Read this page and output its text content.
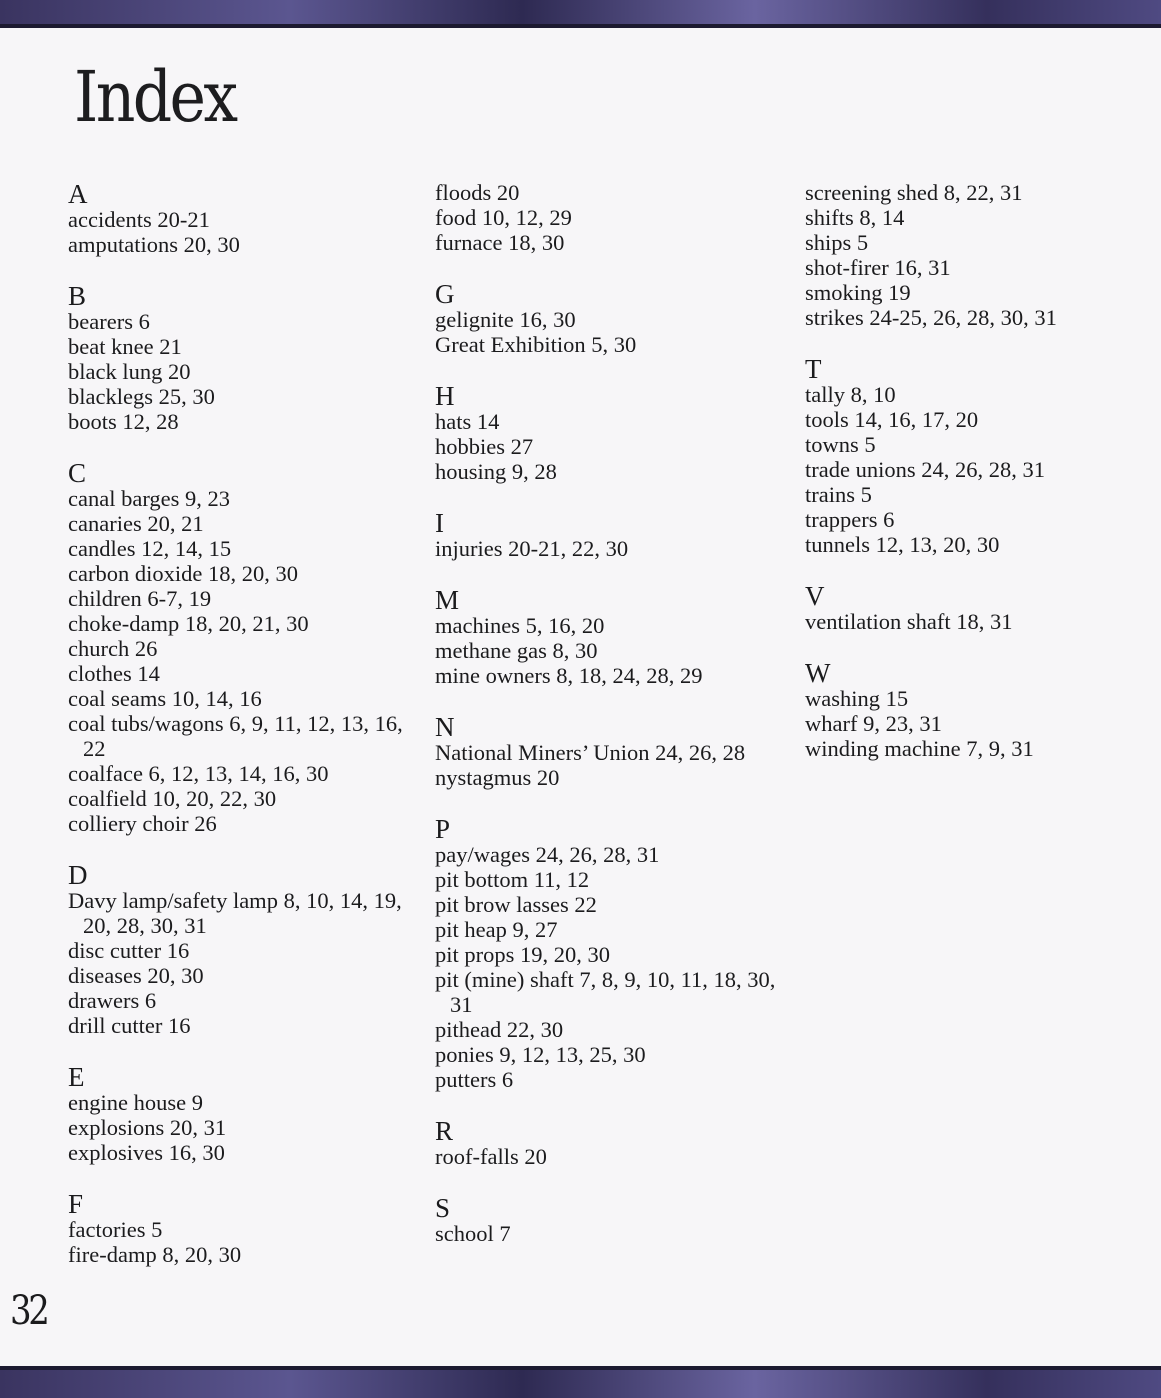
Index
A
accidents 20-21
amputations 20, 30
B
bearers 6
beat knee 21
black lung 20
blacklegs 25, 30
boots 12, 28
C
canal barges 9, 23
canaries 20, 21
candles 12, 14, 15
carbon dioxide 18, 20, 30
children 6-7, 19
choke-damp 18, 20, 21, 30
church 26
clothes 14
coal seams 10, 14, 16
coal tubs/wagons 6, 9, 11, 12, 13, 16, 22
coalface 6, 12, 13, 14, 16, 30
coalfield 10, 20, 22, 30
colliery choir 26
D
Davy lamp/safety lamp 8, 10, 14, 19, 20, 28, 30, 31
disc cutter 16
diseases 20, 30
drawers 6
drill cutter 16
E
engine house 9
explosions 20, 31
explosives 16, 30
F
factories 5
fire-damp 8, 20, 30
floods 20
food 10, 12, 29
furnace 18, 30
G
gelignite 16, 30
Great Exhibition 5, 30
H
hats 14
hobbies 27
housing 9, 28
I
injuries 20-21, 22, 30
M
machines 5, 16, 20
methane gas 8, 30
mine owners 8, 18, 24, 28, 29
N
National Miners’ Union 24, 26, 28
nystagmus 20
P
pay/wages 24, 26, 28, 31
pit bottom 11, 12
pit brow lasses 22
pit heap 9, 27
pit props 19, 20, 30
pit (mine) shaft 7, 8, 9, 10, 11, 18, 30, 31
pithead 22, 30
ponies 9, 12, 13, 25, 30
putters 6
R
roof-falls 20
S
school 7
screening shed 8, 22, 31
shifts 8, 14
ships 5
shot-firer 16, 31
smoking 19
strikes 24-25, 26, 28, 30, 31
T
tally 8, 10
tools 14, 16, 17, 20
towns 5
trade unions 24, 26, 28, 31
trains 5
trappers 6
tunnels 12, 13, 20, 30
V
ventilation shaft 18, 31
W
washing 15
wharf 9, 23, 31
winding machine 7, 9, 31
32
